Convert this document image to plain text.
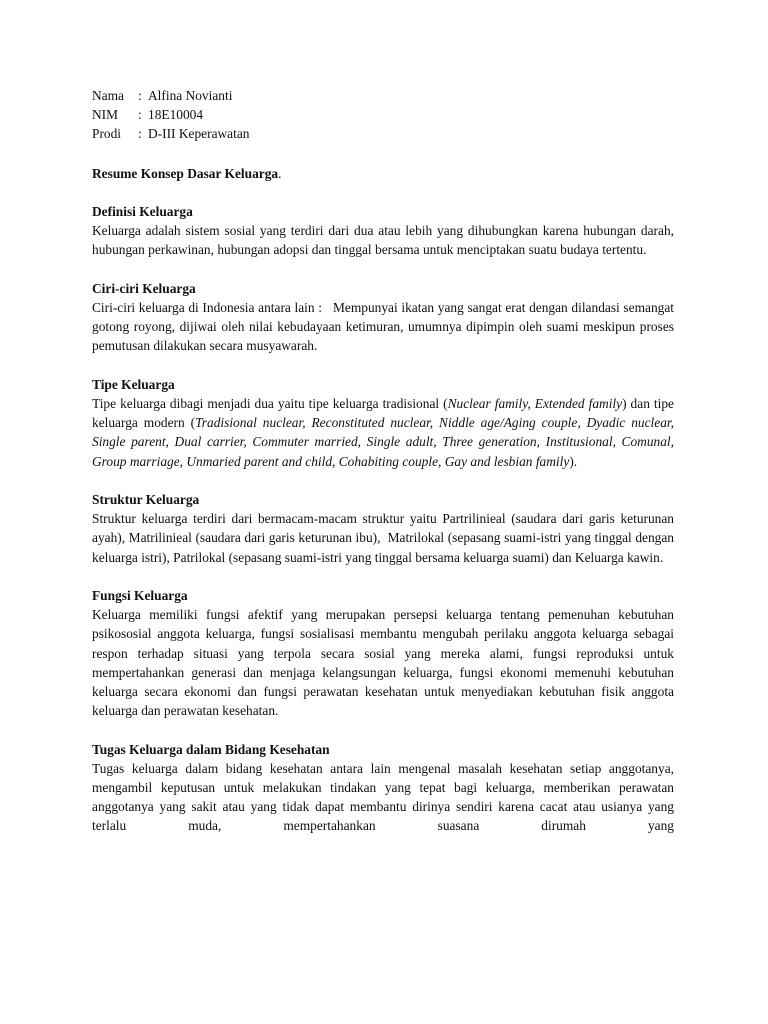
Nama	: Alfina Novianti
NIM	: 18E10004
Prodi	: D-III Keperawatan
Resume Konsep Dasar Keluarga.
Definisi Keluarga

Keluarga adalah sistem sosial yang terdiri dari dua atau lebih yang dihubungkan karena hubungan darah, hubungan perkawinan, hubungan adopsi dan tinggal bersama untuk menciptakan suatu budaya tertentu.

Ciri-ciri Keluarga

Ciri-ciri keluarga di Indonesia antara lain :   Mempunyai ikatan yang sangat erat dengan dilandasi semangat gotong royong, dijiwai oleh nilai kebudayaan ketimuran, umumnya dipimpin oleh suami meskipun proses pemutusan dilakukan secara musyawarah.

Tipe Keluarga

Tipe keluarga dibagi menjadi dua yaitu tipe keluarga tradisional (Nuclear family, Extended family) dan tipe keluarga modern (Tradisional nuclear, Reconstituted nuclear, Niddle age/Aging couple, Dyadic nuclear, Single parent, Dual carrier, Commuter married, Single adult, Three generation, Institusional, Comunal, Group marriage, Unmaried parent and child, Cohabiting couple, Gay and lesbian family).

Struktur Keluarga

Struktur keluarga terdiri dari bermacam-macam struktur yaitu Partrilinieal (saudara dari garis keturunan ayah), Matrilinieal (saudara dari garis keturunan ibu),  Matrilokal (sepasang suami-istri yang tinggal dengan keluarga istri), Patrilokal (sepasang suami-istri yang tinggal bersama keluarga suami) dan Keluarga kawin.

Fungsi Keluarga

Keluarga memiliki fungsi afektif yang merupakan persepsi keluarga tentang pemenuhan kebutuhan psikososial anggota keluarga, fungsi sosialisasi membantu mengubah perilaku anggota keluarga sebagai respon terhadap situasi yang terpola secara sosial yang mereka alami, fungsi reproduksi untuk mempertahankan generasi dan menjaga kelangsungan keluarga, fungsi ekonomi memenuhi kebutuhan keluarga secara ekonomi dan fungsi perawatan kesehatan untuk menyediakan kebutuhan fisik anggota keluarga dan perawatan kesehatan.

Tugas Keluarga dalam Bidang Kesehatan

Tugas keluarga dalam bidang kesehatan antara lain mengenal masalah kesehatan setiap anggotanya, mengambil keputusan untuk melakukan tindakan yang tepat bagi keluarga, memberikan perawatan anggotanya yang sakit atau yang tidak dapat membantu dirinya sendiri karena cacat atau usianya yang terlalu muda, mempertahankan suasana dirumah yang
